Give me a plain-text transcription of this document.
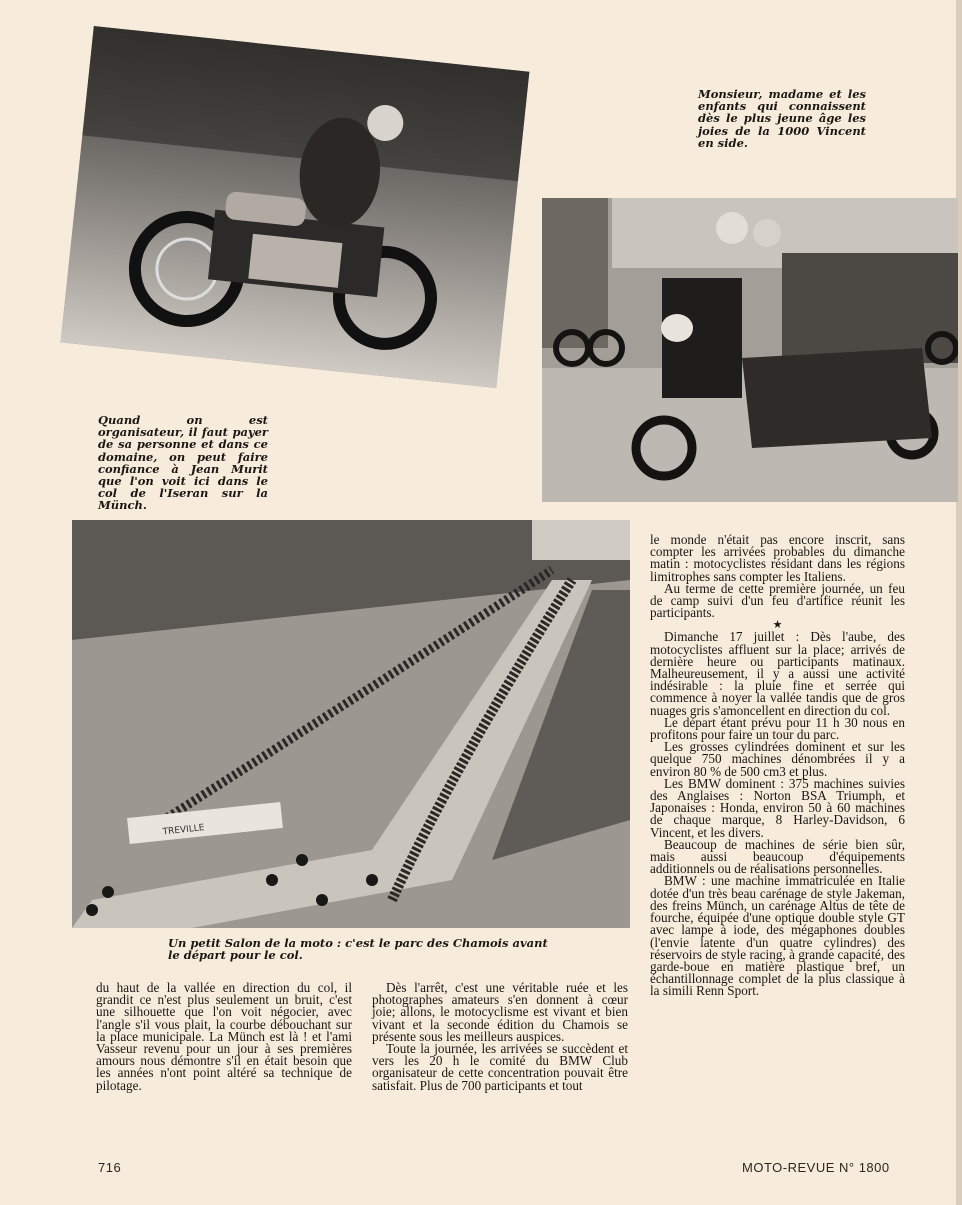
Monsieur, madame et les enfants qui connaissent dès le plus jeune âge les joies de la 1000 Vincent en side.
Quand on est organisateur, il faut payer de sa personne et dans ce domaine, on peut faire confiance à Jean Murit que l'on voit ici dans le col de l'Iseran sur la Münch.
TREVILLE
Un petit Salon de la moto : c'est le parc des Chamois avant le départ pour le col.

du haut de la vallée en direction du col, il grandit ce n'est plus seulement un bruit, c'est une silhouette que l'on voit négocier, avec l'angle s'il vous plait, la courbe débouchant sur la place municipale. La Münch est là ! et l'ami Vasseur revenu pour un jour à ses premières amours nous démontre s'il en était besoin que les années n'ont point altéré sa technique de pilotage.

Dès l'arrêt, c'est une véritable ruée et les photographes amateurs s'en donnent à cœur joie; allons, le motocyclisme est vivant et bien vivant et la seconde édition du Chamois se présente sous les meilleurs auspices.

Toute la journée, les arrivées se succèdent et vers les 20 h le comité du BMW Club organisateur de cette concentration pouvait être satisfait. Plus de 700 participants et tout

le monde n'était pas encore inscrit, sans compter les arrivées probables du dimanche matin : motocyclistes résidant dans les régions limitrophes sans compter les Italiens.

Au terme de cette première journée, un feu de camp suivi d'un feu d'artifice réunit les participants.

★

Dimanche 17 juillet : Dès l'aube, des motocyclistes affluent sur la place; arrivés de dernière heure ou participants matinaux. Malheureusement, il y a aussi une activité indésirable : la pluie fine et serrée qui commence à noyer la vallée tandis que de gros nuages gris s'amoncellent en direction du col.

Le départ étant prévu pour 11 h 30 nous en profitons pour faire un tour du parc.

Les grosses cylindrées dominent et sur les quelque 750 machines dénombrées il y a environ 80 % de 500 cm3 et plus.

Les BMW dominent : 375 machines suivies des Anglaises : Norton BSA Triumph, et Japonaises : Honda, environ 50 à 60 machines de chaque marque, 8 Harley-Davidson, 6 Vincent, et les divers.

Beaucoup de machines de série bien sûr, mais aussi beaucoup d'équipements additionnels ou de réalisations personnelles.

BMW : une machine immatriculée en Italie dotée d'un très beau carénage de style Jakeman, des freins Münch, un carénage Altus de tête de fourche, équipée d'une optique double style GT avec lampe à iode, des mégaphones doubles (l'envie latente d'un quatre cylindres) des réservoirs de style racing, à grande capacité, des garde-boue en matière plastique bref, un échantillonnage complet de la plus classique à la simili Renn Sport.

716	MOTO-REVUE N° 1800
